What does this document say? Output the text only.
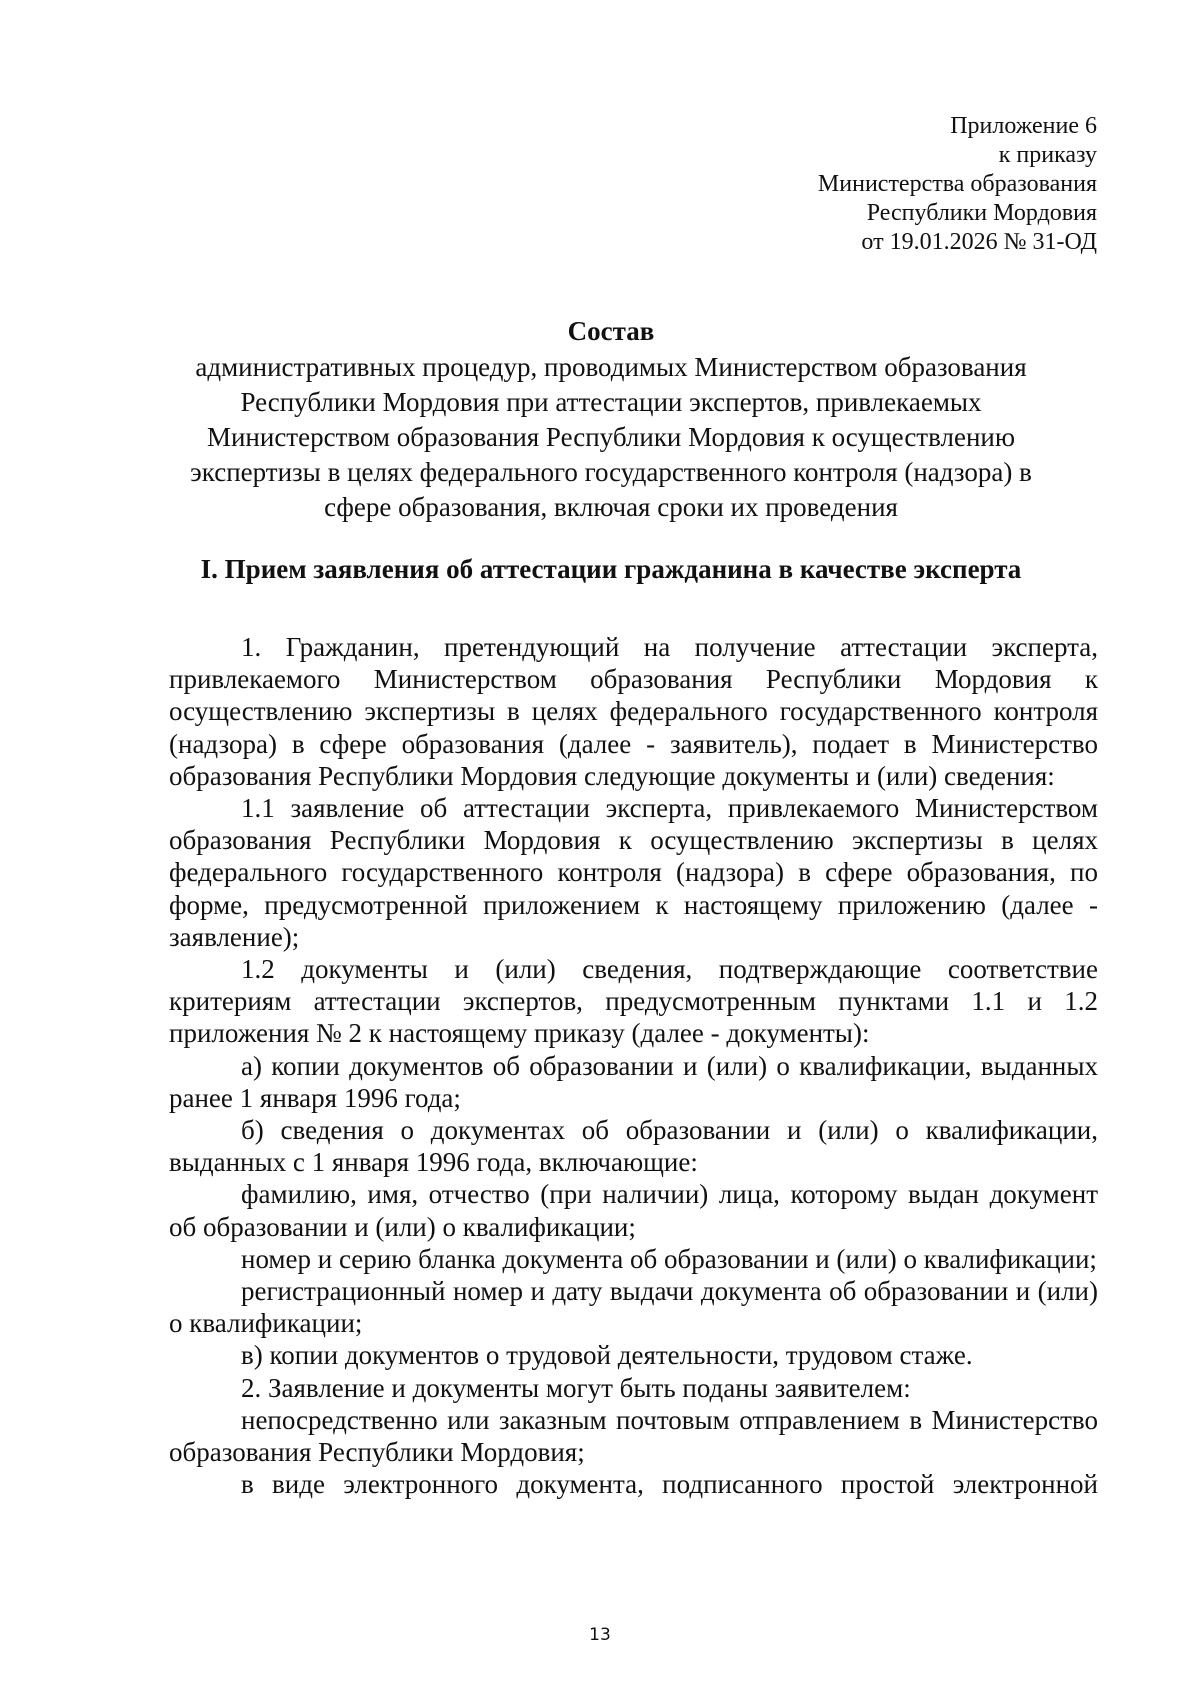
Приложение 6
к приказу
Министерства образования
Республики Мордовия
от 19.01.2026 № 31-ОД
Состав
административных процедур, проводимых Министерством образования
Республики Мордовия при аттестации экспертов, привлекаемых
Министерством образования Республики Мордовия к осуществлению
экспертизы в целях федерального государственного контроля (надзора) в
сфере образования, включая сроки их проведения
I. Прием заявления об аттестации гражданина в качестве эксперта

1. Гражданин, претендующий на получение аттестации эксперта, привлекаемого Министерством образования Республики Мордовия к осуществлению экспертизы в целях федерального государственного контроля (надзора) в сфере образования (далее - заявитель), подает в Министерство образования Республики Мордовия следующие документы и (или) сведения:

1.1 заявление об аттестации эксперта, привлекаемого Министерством образования Республики Мордовия к осуществлению экспертизы в целях федерального государственного контроля (надзора) в сфере образования, по форме, предусмотренной приложением к настоящему приложению (далее - заявление);

1.2 документы и (или) сведения, подтверждающие соответствие критериям аттестации экспертов, предусмотренным пунктами 1.1 и 1.2 приложения № 2 к настоящему приказу (далее - документы):

а) копии документов об образовании и (или) о квалификации, выданных ранее 1 января 1996 года;

б) сведения о документах об образовании и (или) о квалификации, выданных с 1 января 1996 года, включающие:

фамилию, имя, отчество (при наличии) лица, которому выдан документ об образовании и (или) о квалификации;

номер и серию бланка документа об образовании и (или) о квалификации;

регистрационный номер и дату выдачи документа об образовании и (или) о квалификации;

в) копии документов о трудовой деятельности, трудовом стаже.

2. Заявление и документы могут быть поданы заявителем:

непосредственно или заказным почтовым отправлением в Министерство образования Республики Мордовия;

в виде электронного документа, подписанного простой электронной

13
